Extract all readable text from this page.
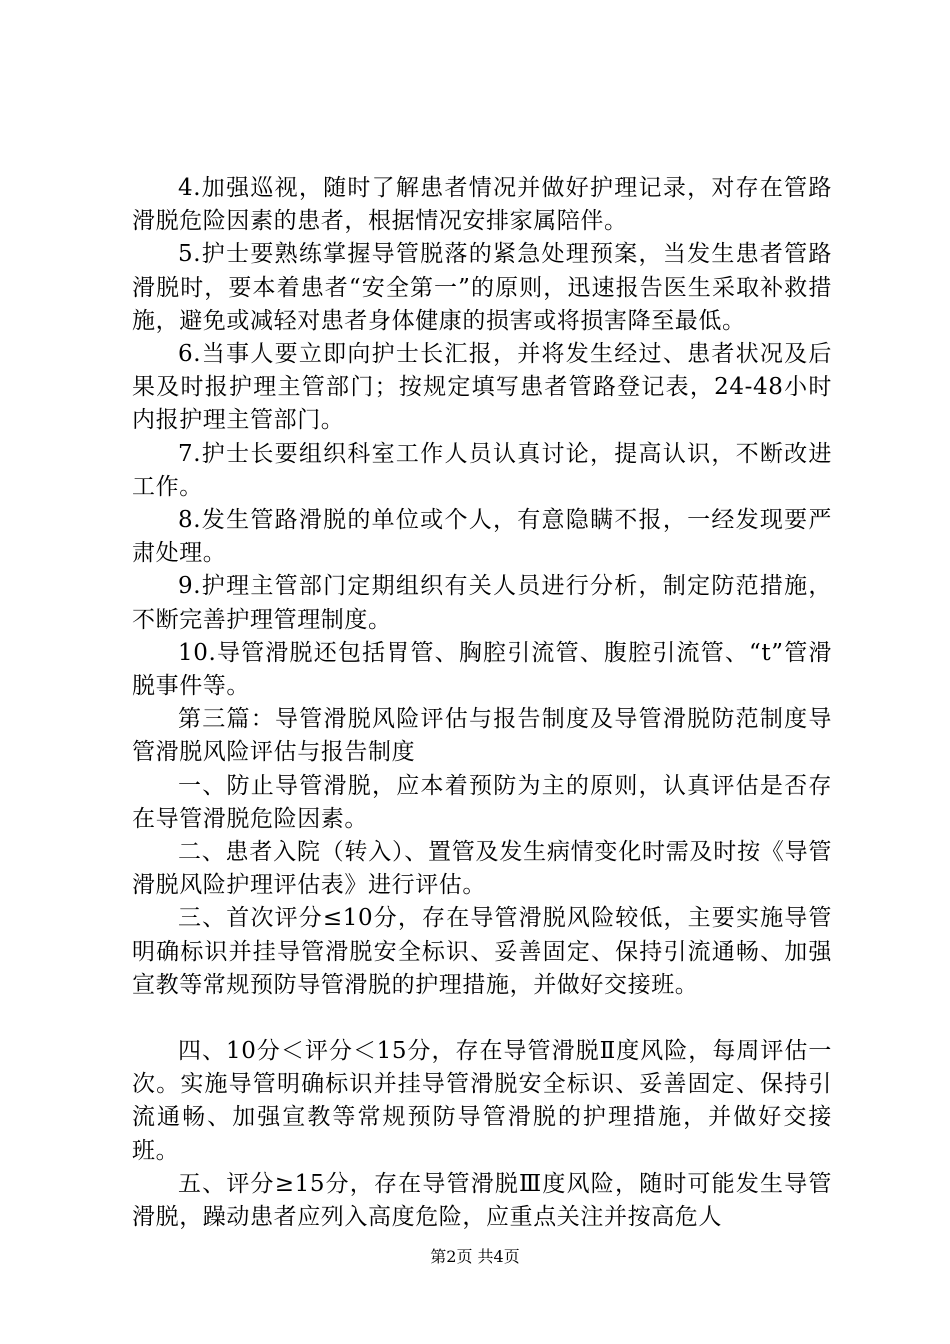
4.加强巡视，随时了解患者情况并做好护理记录，对存在管路滑脱危险因素的患者，根据情况安排家属陪伴。

5.护士要熟练掌握导管脱落的紧急处理预案，当发生患者管路滑脱时，要本着患者“安全第一”的原则，迅速报告医生采取补救措施，避免或减轻对患者身体健康的损害或将损害降至最低。

6.当事人要立即向护士长汇报，并将发生经过、患者状况及后果及时报护理主管部门；按规定填写患者管路登记表，24-48小时内报护理主管部门。

7.护士长要组织科室工作人员认真讨论，提高认识，不断改进工作。

8.发生管路滑脱的单位或个人，有意隐瞒不报，一经发现要严肃处理。

9.护理主管部门定期组织有关人员进行分析，制定防范措施，不断完善护理管理制度。

10.导管滑脱还包括胃管、胸腔引流管、腹腔引流管、“t”管滑脱事件等。

第三篇：导管滑脱风险评估与报告制度及导管滑脱防范制度导管滑脱风险评估与报告制度

一、防止导管滑脱，应本着预防为主的原则，认真评估是否存在导管滑脱危险因素。

二、患者入院（转入）、置管及发生病情变化时需及时按《导管滑脱风险护理评估表》进行评估。

三、首次评分≤10分，存在导管滑脱风险较低，主要实施导管明确标识并挂导管滑脱安全标识、妥善固定、保持引流通畅、加强宣教等常规预防导管滑脱的护理措施，并做好交接班。

四、10分＜评分＜15分，存在导管滑脱Ⅱ度风险，每周评估一次。实施导管明确标识并挂导管滑脱安全标识、妥善固定、保持引流通畅、加强宣教等常规预防导管滑脱的护理措施，并做好交接班。

五、评分≥15分，存在导管滑脱Ⅲ度风险，随时可能发生导管滑脱，躁动患者应列入高度危险，应重点关注并按高危人

第2页 共4页
